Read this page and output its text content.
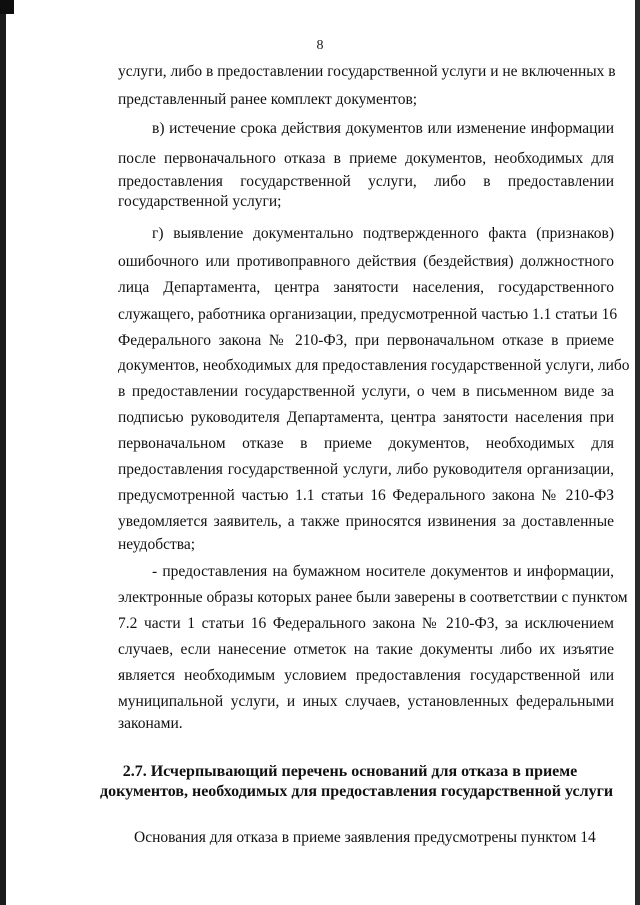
8
услуги, либо в предоставлении государственной услуги и не включенных в
представленный ранее комплект документов;
в) истечение срока действия документов или изменение информации
после первоначального отказа в приеме документов, необходимых для
предоставления государственной услуги, либо в предоставлении
государственной услуги;
г) выявление документально подтвержденного факта (признаков)
ошибочного или противоправного действия (бездействия) должностного
лица Департамента, центра занятости населения, государственного
служащего, работника организации, предусмотренной частью 1.1 статьи 16
Федерального закона № 210-ФЗ, при первоначальном отказе в приеме
документов, необходимых для предоставления государственной услуги, либо
в предоставлении государственной услуги, о чем в письменном виде за
подписью руководителя Департамента, центра занятости населения при
первоначальном отказе в приеме документов, необходимых для
предоставления государственной услуги, либо руководителя организации,
предусмотренной частью 1.1 статьи 16 Федерального закона № 210-ФЗ
уведомляется заявитель, а также приносятся извинения за доставленные
неудобства;
- предоставления на бумажном носителе документов и информации,
электронные образы которых ранее были заверены в соответствии с пунктом
7.2 части 1 статьи 16 Федерального закона № 210-ФЗ, за исключением
случаев, если нанесение отметок на такие документы либо их изъятие
является необходимым условием предоставления государственной или
муниципальной услуги, и иных случаев, установленных федеральными
законами.
2.7. Исчерпывающий перечень оснований для отказа в приеме
документов, необходимых для предоставления государственной услуги
Основания для отказа в приеме заявления предусмотрены пунктом 14
